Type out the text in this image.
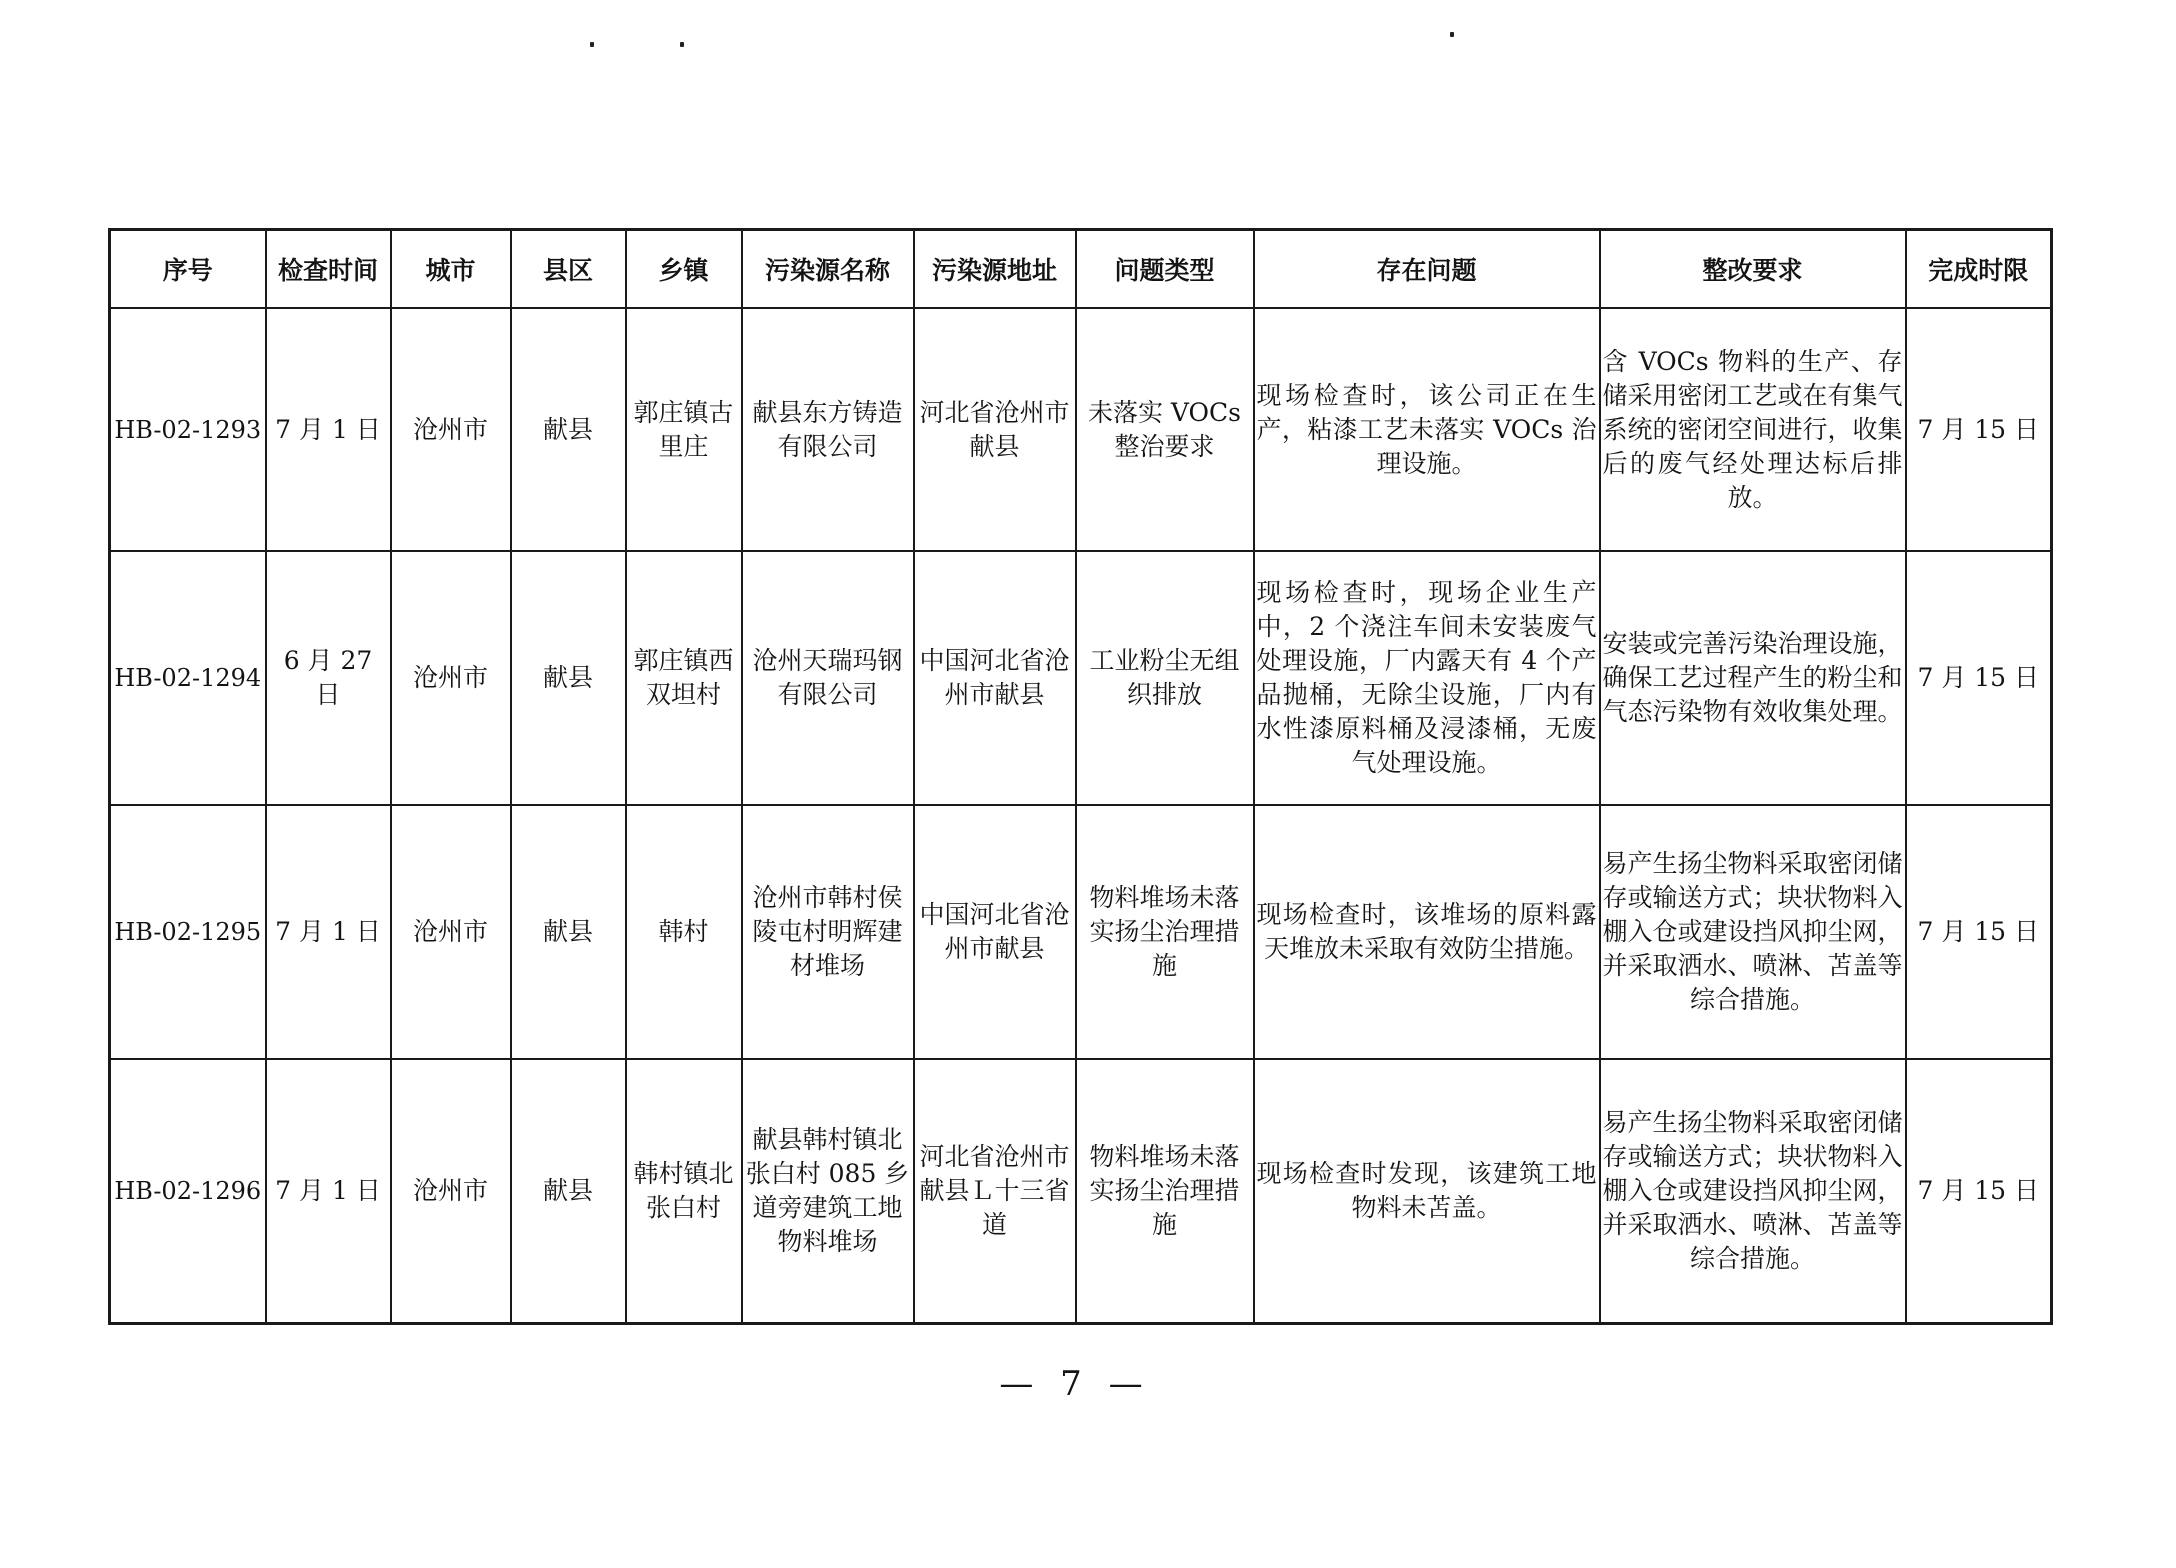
序号	检查时间	城市	县区	乡镇	污染源名称	污染源地址	问题类型	存在问题	整改要求	完成时限
HB-02-1293	7 月 1 日	沧州市	献县	郭庄镇古里庄	献县东方铸造有限公司	河北省沧州市献县	未落实 VOCs 整治要求	现场检查时，该公司正在生产，粘漆工艺未落实 VOCs 治理设施。	含 VOCs 物料的生产、存储采用密闭工艺或在有集气系统的密闭空间进行，收集后的废气经处理达标后排放。	7 月 15 日
HB-02-1294	6 月 27 日	沧州市	献县	郭庄镇西双坦村	沧州天瑞玛钢有限公司	中国河北省沧州市献县	工业粉尘无组织排放	现场检查时，现场企业生产中，2 个浇注车间未安装废气处理设施，厂内露天有 4 个产品抛桶，无除尘设施，厂内有水性漆原料桶及浸漆桶，无废气处理设施。	安装或完善污染治理设施，确保工艺过程产生的粉尘和气态污染物有效收集处理。	7 月 15 日
HB-02-1295	7 月 1 日	沧州市	献县	韩村	沧州市韩村侯陵屯村明辉建材堆场	中国河北省沧州市献县	物料堆场未落实扬尘治理措施	现场检查时，该堆场的原料露天堆放未采取有效防尘措施。	易产生扬尘物料采取密闭储存或输送方式；块状物料入棚入仓或建设挡风抑尘网，并采取洒水、喷淋、苫盖等综合措施。	7 月 15 日
HB-02-1296	7 月 1 日	沧州市	献县	韩村镇北张白村	献县韩村镇北张白村 085 乡道旁建筑工地物料堆场	河北省沧州市献县Ｌ十三省道	物料堆场未落实扬尘治理措施	现场检查时发现，该建筑工地物料未苫盖。	易产生扬尘物料采取密闭储存或输送方式；块状物料入棚入仓或建设挡风抑尘网，并采取洒水、喷淋、苫盖等综合措施。	7 月 15 日
— 7 —
